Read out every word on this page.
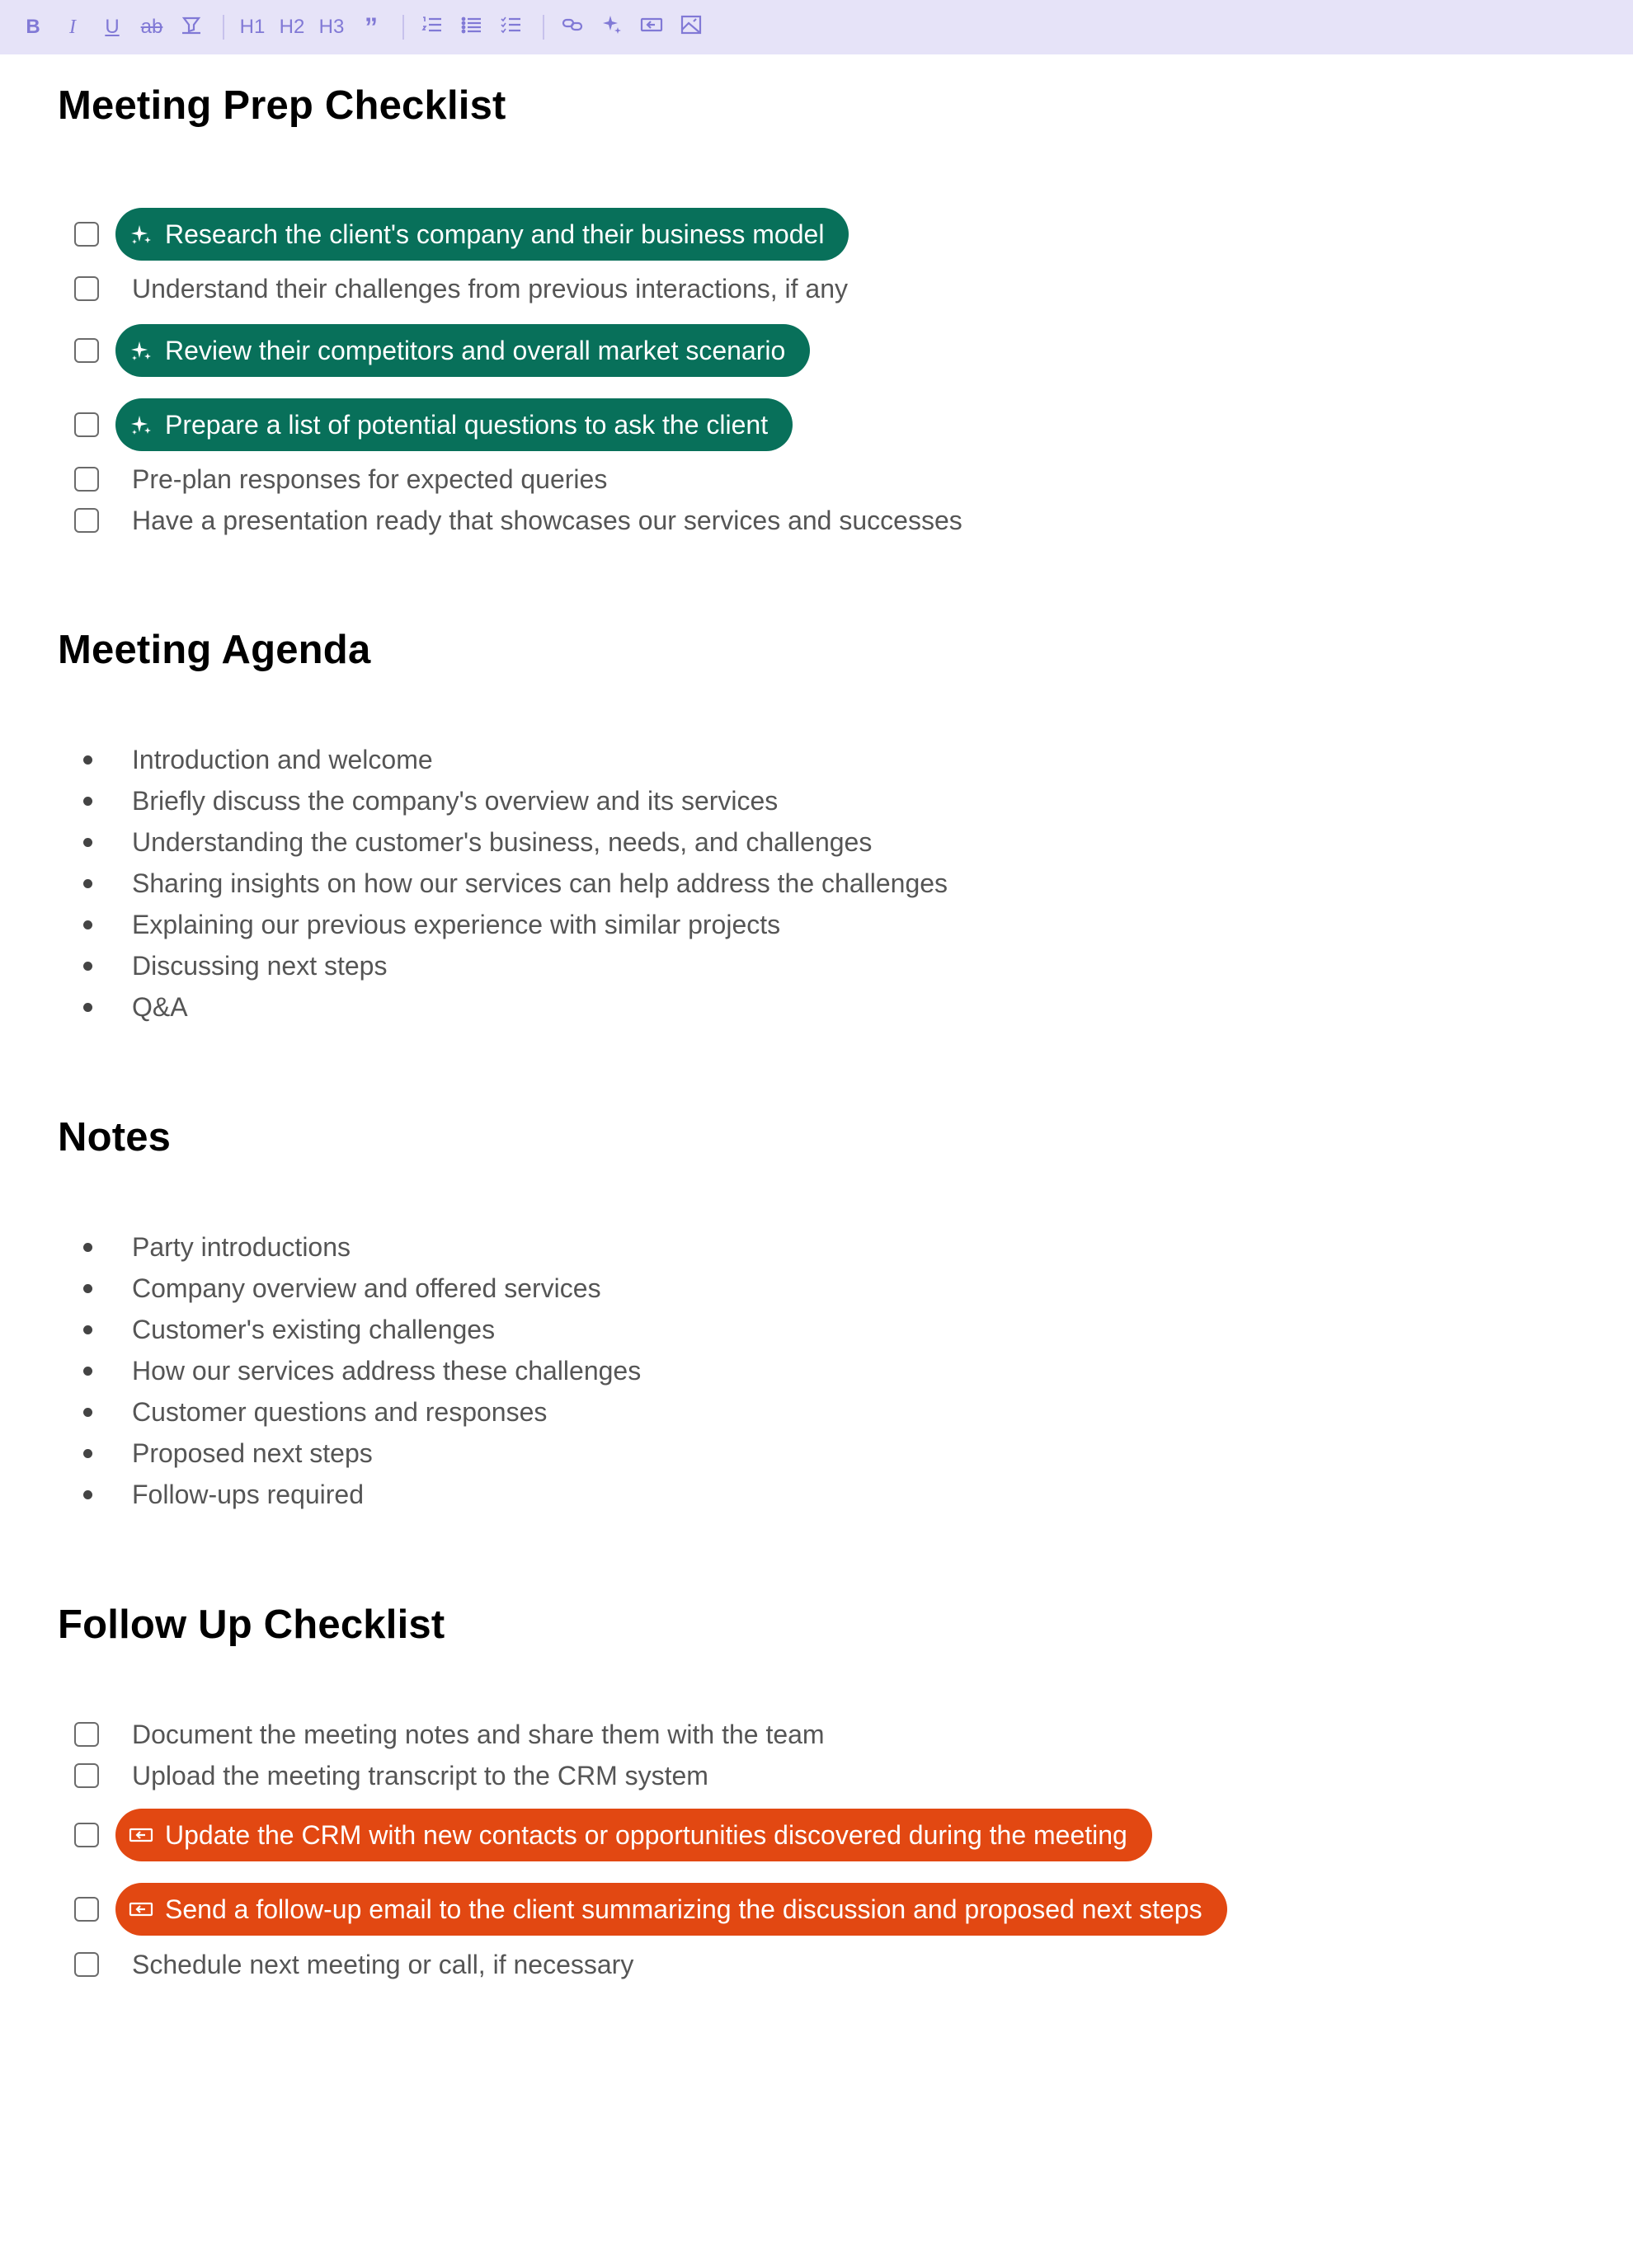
B I U ab	H1 H2 H3 ”
Meeting Prep Checklist
Research the client's company and their business model
Understand their challenges from previous interactions, if any
Review their competitors and overall market scenario
Prepare a list of potential questions to ask the client
Pre-plan responses for expected queries
Have a presentation ready that showcases our services and successes
Meeting Agenda
Introduction and welcome
Briefly discuss the company's overview and its services
Understanding the customer's business, needs, and challenges
Sharing insights on how our services can help address the challenges
Explaining our previous experience with similar projects
Discussing next steps
Q&A
Notes
Party introductions
Company overview and offered services
Customer's existing challenges
How our services address these challenges
Customer questions and responses
Proposed next steps
Follow-ups required
Follow Up Checklist
Document the meeting notes and share them with the team
Upload the meeting transcript to the CRM system
Update the CRM with new contacts or opportunities discovered during the meeting
Send a follow-up email to the client summarizing the discussion and proposed next steps
Schedule next meeting or call, if necessary
